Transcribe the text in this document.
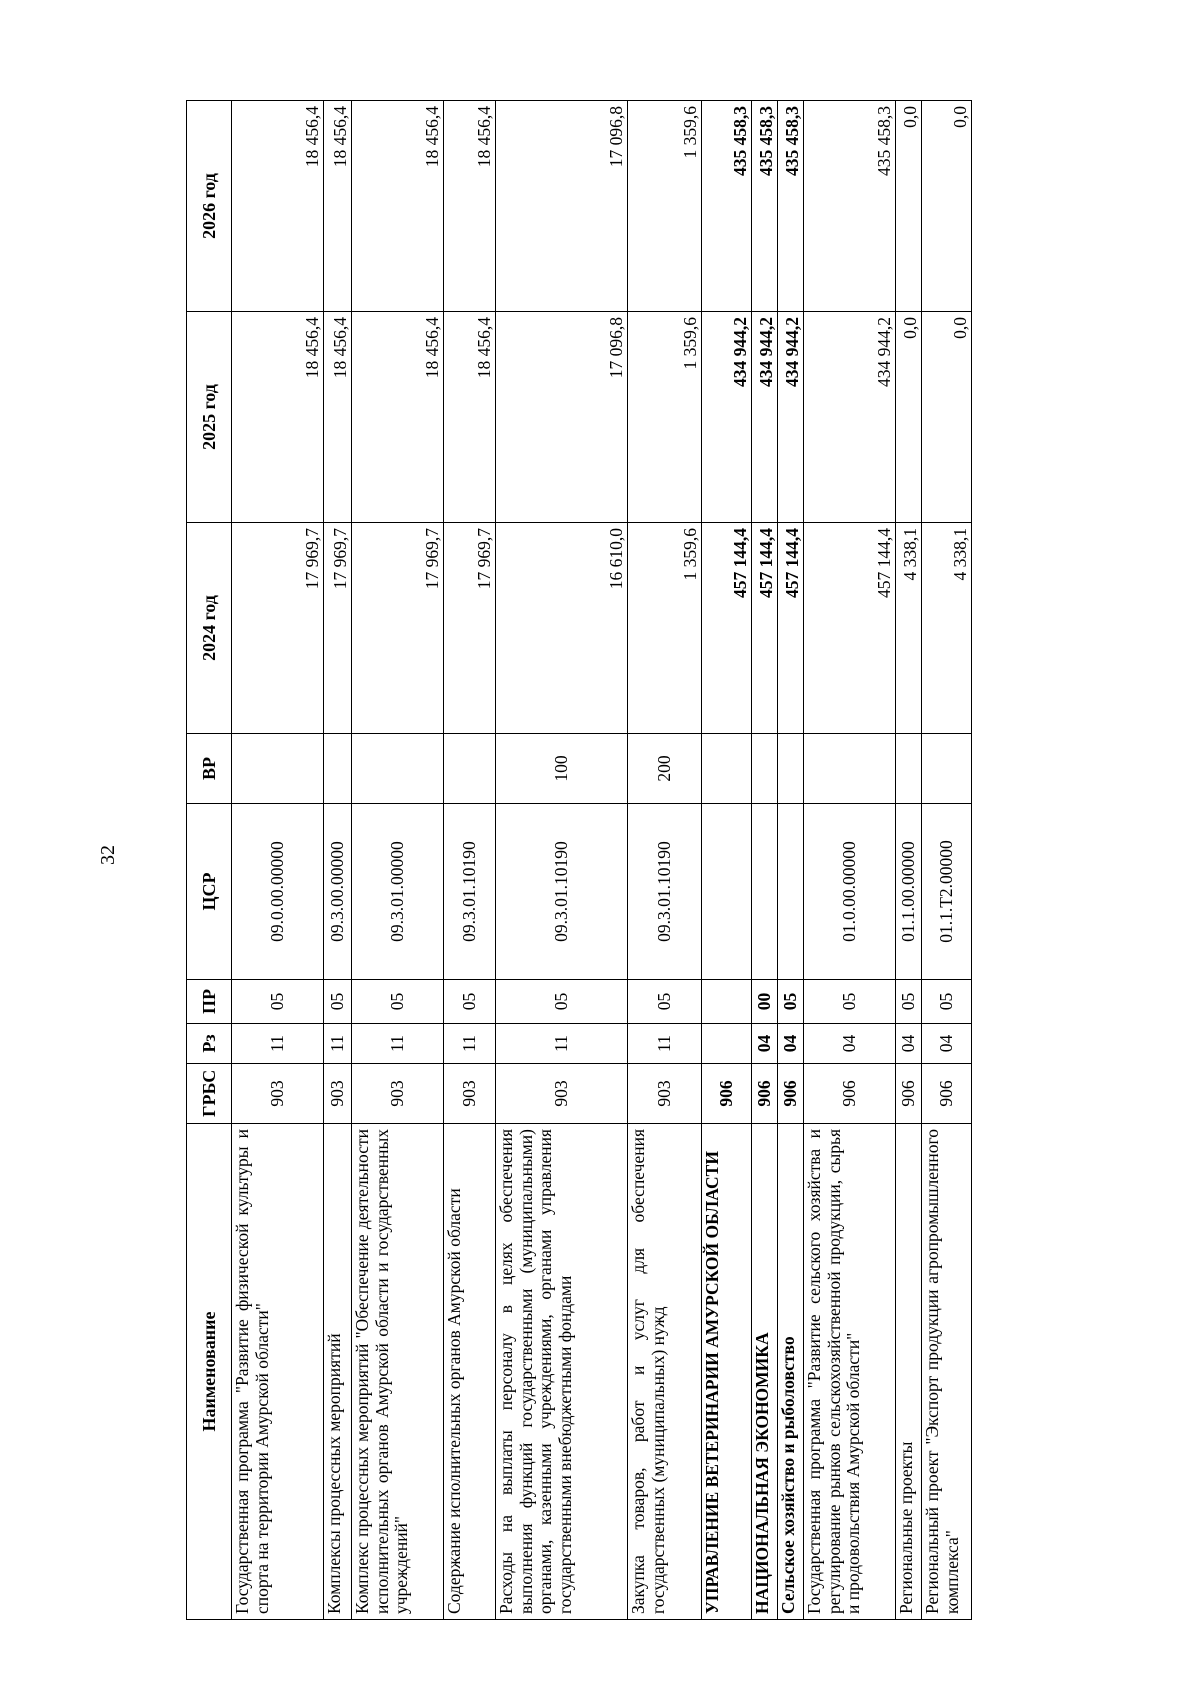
32
Наименование	ГРБС	Рз	ПР	ЦСР	ВР	2024 год	2025 год	2026 год
Государственная программа "Развитие физической культуры и спорта на территории Амурской области"	903	11	05	09.0.00.00000		17 969,7	18 456,4	18 456,4
Комплексы процессных мероприятий	903	11	05	09.3.00.00000		17 969,7	18 456,4	18 456,4
Комплекс процессных мероприятий "Обеспечение деятельности исполнительных органов Амурской области и государственных учреждений"	903	11	05	09.3.01.00000		17 969,7	18 456,4	18 456,4
Содержание исполнительных органов Амурской области	903	11	05	09.3.01.10190		17 969,7	18 456,4	18 456,4
Расходы на выплаты персоналу в целях обеспечения выполнения функций государственными (муниципальными) органами, казенными учреждениями, органами управления государственными внебюджетными фондами	903	11	05	09.3.01.10190	100	16 610,0	17 096,8	17 096,8
Закупка товаров, работ и услуг для обеспечения государственных (муниципальных) нужд	903	11	05	09.3.01.10190	200	1 359,6	1 359,6	1 359,6
УПРАВЛЕНИЕ ВЕТЕРИНАРИИ АМУРСКОЙ ОБЛАСТИ	906					457 144,4	434 944,2	435 458,3
НАЦИОНАЛЬНАЯ ЭКОНОМИКА	906	04	00			457 144,4	434 944,2	435 458,3
Сельское хозяйство и рыболовство	906	04	05			457 144,4	434 944,2	435 458,3
Государственная программа "Развитие сельского хозяйства и регулирование рынков сельскохозяйственной продукции, сырья и продовольствия Амурской области"	906	04	05	01.0.00.00000		457 144,4	434 944,2	435 458,3
Региональные проекты	906	04	05	01.1.00.00000		4 338,1	0,0	0,0
Региональный проект "Экспорт продукции агропромышленного комплекса"	906	04	05	01.1.T2.00000		4 338,1	0,0	0,0
